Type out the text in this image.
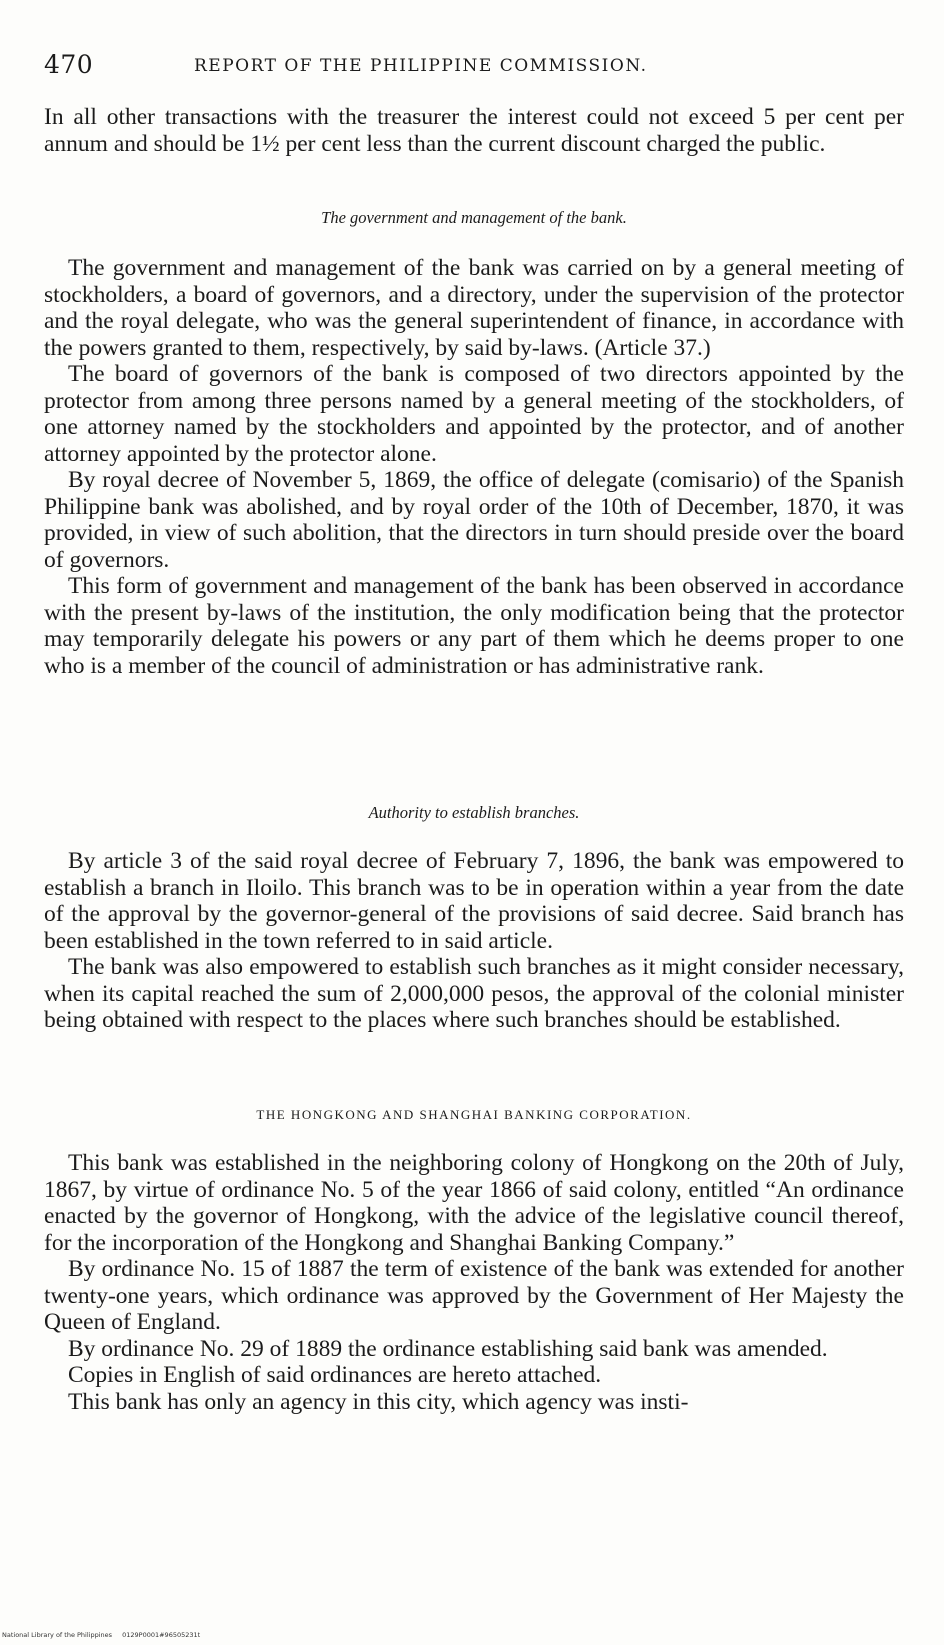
470	REPORT OF THE PHILIPPINE COMMISSION.

In all other transactions with the treasurer the interest could not exceed 5 per cent per annum and should be 1½ per cent less than the current discount charged the public.

The government and management of the bank.

The government and management of the bank was carried on by a general meeting of stockholders, a board of governors, and a directory, under the supervision of the protector and the royal delegate, who was the general superintendent of finance, in accordance with the powers granted to them, respectively, by said by-laws. (Article 37.)

The board of governors of the bank is composed of two directors appointed by the protector from among three persons named by a general meeting of the stockholders, of one attorney named by the stockholders and appointed by the protector, and of another attorney appointed by the protector alone.

By royal decree of November 5, 1869, the office of delegate (comisario) of the Spanish Philippine bank was abolished, and by royal order of the 10th of December, 1870, it was provided, in view of such abolition, that the directors in turn should preside over the board of governors.

This form of government and management of the bank has been observed in accordance with the present by-laws of the institution, the only modification being that the protector may temporarily delegate his powers or any part of them which he deems proper to one who is a member of the council of administration or has administrative rank.

Authority to establish branches.

By article 3 of the said royal decree of February 7, 1896, the bank was empowered to establish a branch in Iloilo. This branch was to be in operation within a year from the date of the approval by the governor-general of the provisions of said decree. Said branch has been established in the town referred to in said article.

The bank was also empowered to establish such branches as it might consider necessary, when its capital reached the sum of 2,000,000 pesos, the approval of the colonial minister being obtained with respect to the places where such branches should be established.

THE HONGKONG AND SHANGHAI BANKING CORPORATION.

This bank was established in the neighboring colony of Hongkong on the 20th of July, 1867, by virtue of ordinance No. 5 of the year 1866 of said colony, entitled “An ordinance enacted by the governor of Hongkong, with the advice of the legislative council thereof, for the incorporation of the Hongkong and Shanghai Banking Company.”

By ordinance No. 15 of 1887 the term of existence of the bank was extended for another twenty-one years, which ordinance was approved by the Government of Her Majesty the Queen of England.

By ordinance No. 29 of 1889 the ordinance establishing said bank was amended.

Copies in English of said ordinances are hereto attached.

This bank has only an agency in this city, which agency was insti-

National Library of the Philippines 0129P0001#96505231t
